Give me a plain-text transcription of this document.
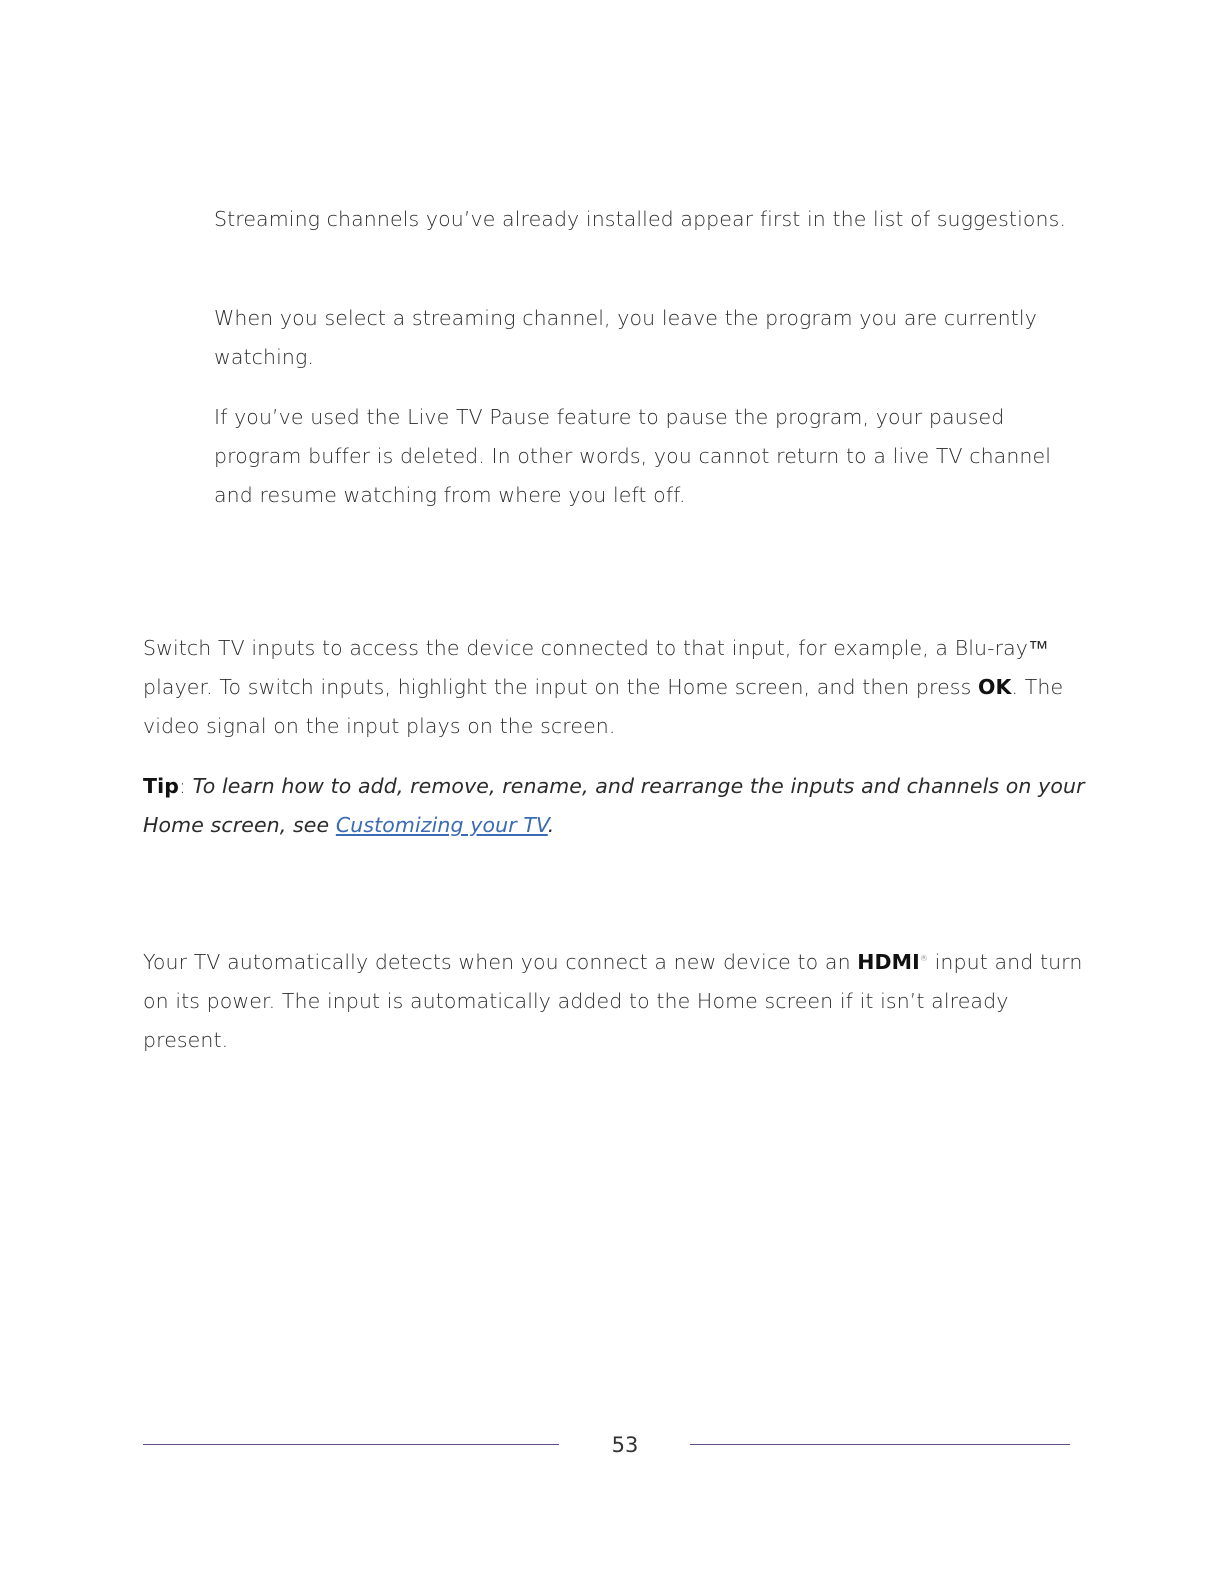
Streaming channels you’ve already installed appear first in the list of suggestions.

When you select a streaming channel, you leave the program you are currently watching.

If you’ve used the Live TV Pause feature to pause the program, your paused program buffer is deleted. In other words, you cannot return to a live TV channel and resume watching from where you left off.

Switch TV inputs to access the device connected to that input, for example, a Blu-ray™ player. To switch inputs, highlight the input on the Home screen, and then press OK. The video signal on the input plays on the screen.

Tip: To learn how to add, remove, rename, and rearrange the inputs and channels on your Home screen, see Customizing your TV.

Your TV automatically detects when you connect a new device to an HDMI® input and turn on its power. The input is automatically added to the Home screen if it isn’t already present.

53
